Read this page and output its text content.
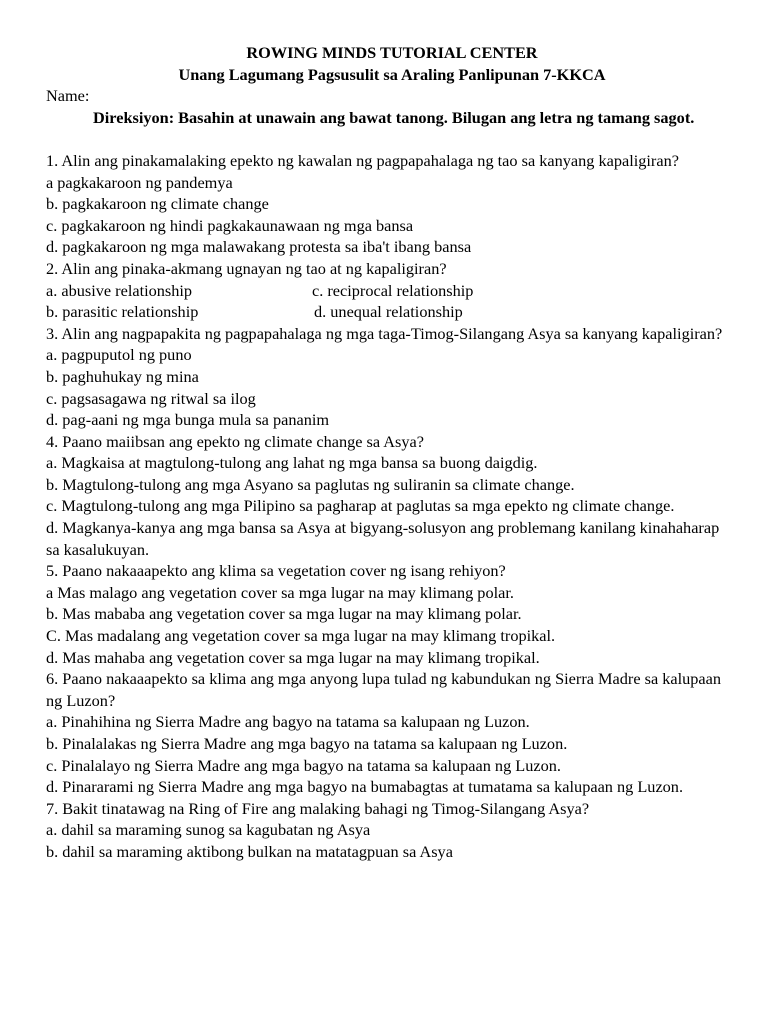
ROWING MINDS TUTORIAL CENTER

Unang Lagumang Pagsusulit sa Araling Panlipunan 7-KKCA

Name:

Direksiyon: Basahin at unawain ang bawat tanong. Bilugan ang letra ng tamang sagot.

1. Alin ang pinakamalaking epekto ng kawalan ng pagpapahalaga ng tao sa kanyang kapaligiran?

a pagkakaroon ng pandemya

b. pagkakaroon ng climate change

c. pagkakaroon ng hindi pagkakaunawaan ng mga bansa

d. pagkakaroon ng mga malawakang protesta sa iba't ibang bansa

2. Alin ang pinaka-akmang ugnayan ng tao at ng kapaligiran?

a. abusive relationship	c. reciprocal relationship
b. parasitic relationship	d. unequal relationship

3. Alin ang nagpapakita ng pagpapahalaga ng mga taga-Timog-Silangang Asya sa kanyang kapaligiran?

a. pagpuputol ng puno

b. paghuhukay ng mina

c. pagsasagawa ng ritwal sa ilog

d. pag-aani ng mga bunga mula sa pananim

4. Paano maiibsan ang epekto ng climate change sa Asya?

a. Magkaisa at magtulong-tulong ang lahat ng mga bansa sa buong daigdig.

b. Magtulong-tulong ang mga Asyano sa paglutas ng suliranin sa climate change.

c. Magtulong-tulong ang mga Pilipino sa pagharap at paglutas sa mga epekto ng climate change.

d. Magkanya-kanya ang mga bansa sa Asya at bigyang-solusyon ang problemang kanilang kinahaharap sa kasalukuyan.

5. Paano nakaaapekto ang klima sa vegetation cover ng isang rehiyon?

a Mas malago ang vegetation cover sa mga lugar na may klimang polar.

b. Mas mababa ang vegetation cover sa mga lugar na may klimang polar.

C. Mas madalang ang vegetation cover sa mga lugar na may klimang tropikal.

d. Mas mahaba ang vegetation cover sa mga lugar na may klimang tropikal.

6. Paano nakaaapekto sa klima ang mga anyong lupa tulad ng kabundukan ng Sierra Madre sa kalupaan ng Luzon?

a. Pinahihina ng Sierra Madre ang bagyo na tatama sa kalupaan ng Luzon.

b. Pinalalakas ng Sierra Madre ang mga bagyo na tatama sa kalupaan ng Luzon.

c. Pinalalayo ng Sierra Madre ang mga bagyo na tatama sa kalupaan ng Luzon.

d. Pinararami ng Sierra Madre ang mga bagyo na bumabagtas at tumatama sa kalupaan ng Luzon.

7. Bakit tinatawag na Ring of Fire ang malaking bahagi ng Timog-Silangang Asya?

a. dahil sa maraming sunog sa kagubatan ng Asya

b. dahil sa maraming aktibong bulkan na matatagpuan sa Asya
